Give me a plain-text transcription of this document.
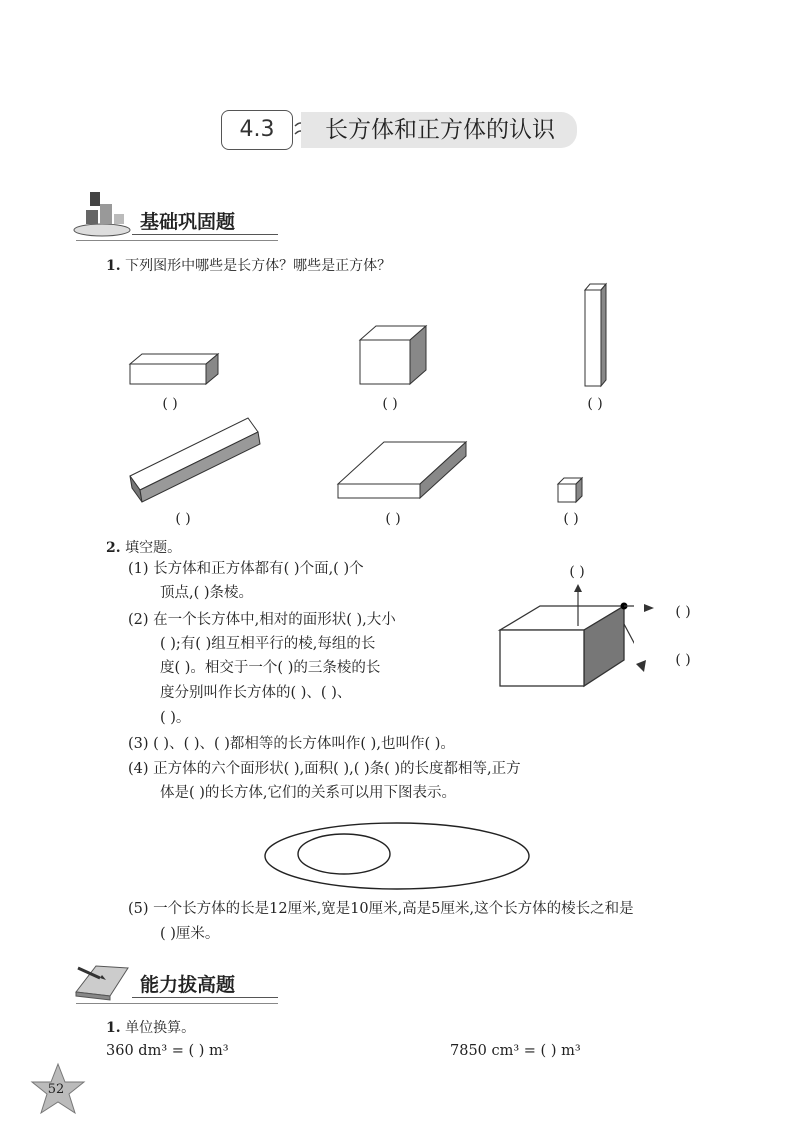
4.3	长方体和正方体的认识
基础巩固题
1. 下列图形中哪些是长方体？哪些是正方体？
( )	( )	( )
( )	( )	( )
2. 填空题。
(1) 长方体和正方体都有( )个面,( )个
顶点,( )条棱。
(2) 在一个长方体中,相对的面形状( ),大小
( );有( )组互相平行的棱,每组的长
度( )。相交于一个( )的三条棱的长
度分别叫作长方体的( )、( )、
( )。
( )
( )
( )
(3) ( )、( )、( )都相等的长方体叫作( ),也叫作( )。
(4) 正方体的六个面形状( ),面积( ),( )条( )的长度都相等,正方
体是( )的长方体,它们的关系可以用下图表示。
(5) 一个长方体的长是12厘米,宽是10厘米,高是5厘米,这个长方体的棱长之和是
( )厘米。
能力拔高题
1. 单位换算。
360 dm³ = ( ) m³	7850 cm³ = ( ) m³
52
